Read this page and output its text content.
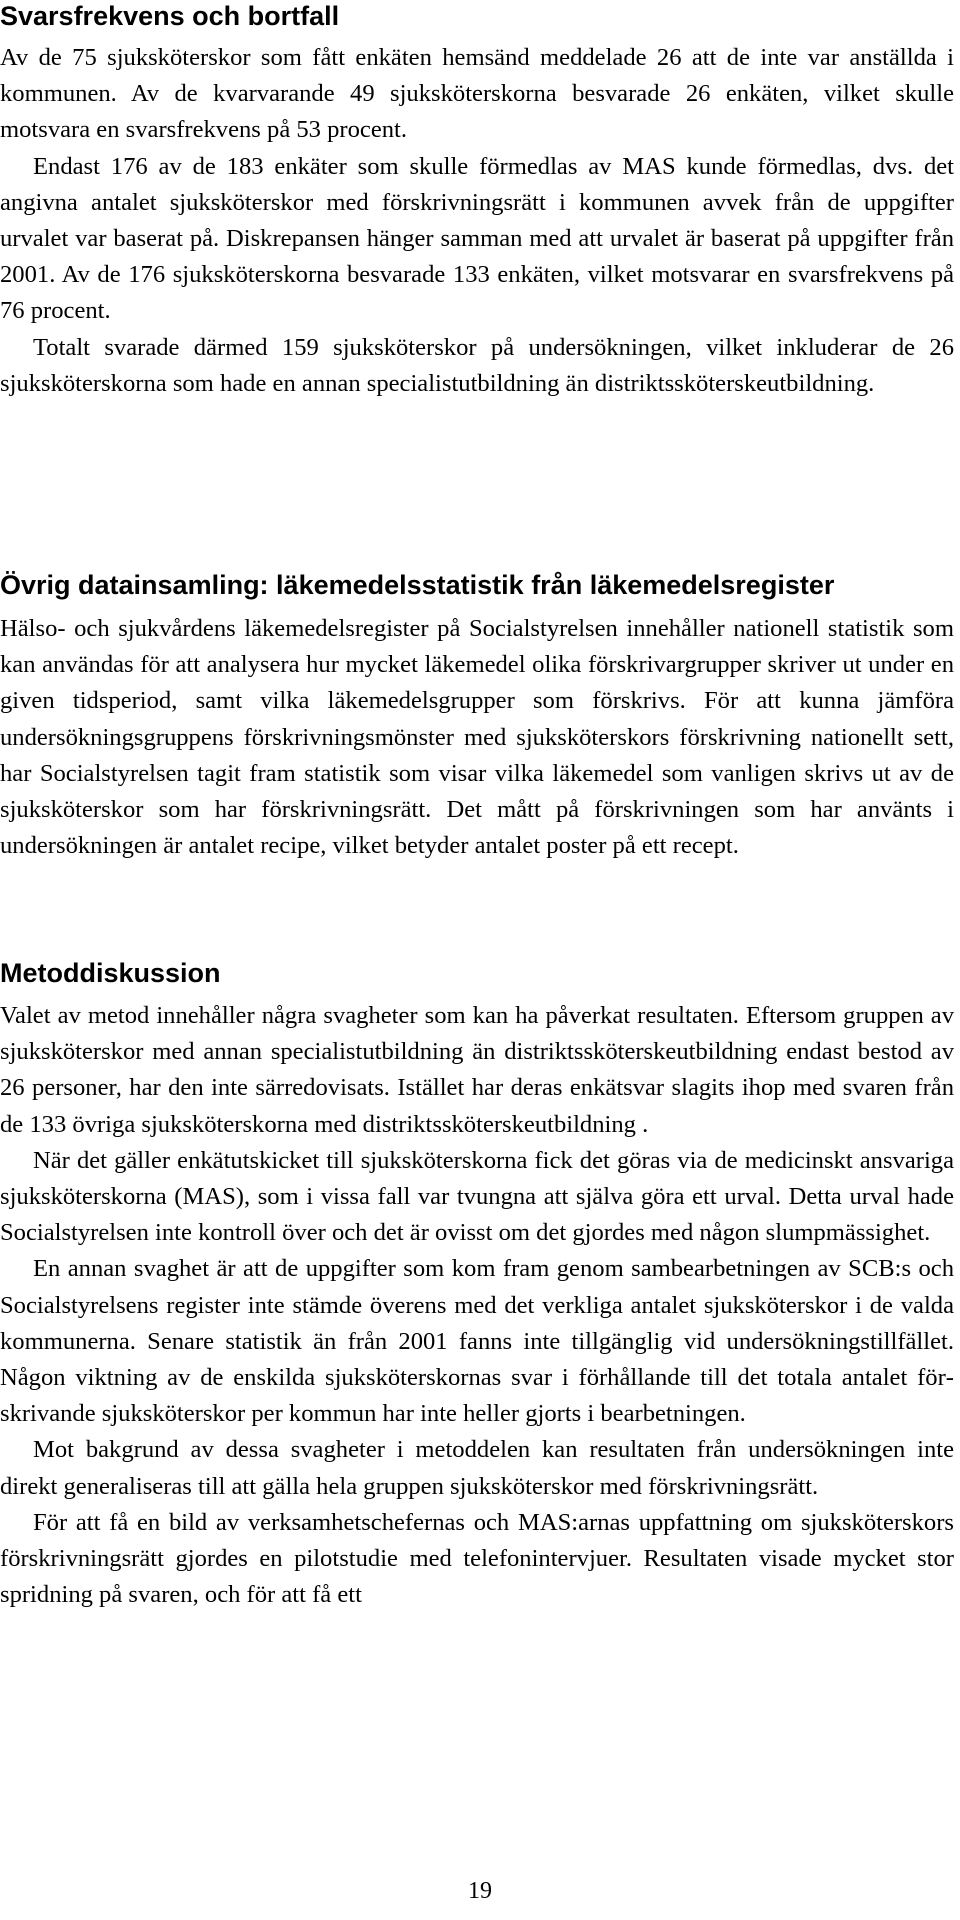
Svarsfrekvens och bortfall

Av de 75 sjuksköterskor som fått enkäten hemsänd meddelade 26 att de inte var anställda i kommunen. Av de kvarvarande 49 sjuksköterskorna besvarade 26 enkäten, vilket skulle motsvara en svarsfrekvens på 53 procent.

Endast 176 av de 183 enkäter som skulle förmedlas av MAS kunde förmedlas, dvs. det angivna antalet sjuksköterskor med förskrivningsrätt i kommunen avvek från de uppgifter urvalet var baserat på. Diskrepansen hänger samman med att urvalet är baserat på uppgifter från 2001. Av de 176 sjuksköterskorna besvarade 133 enkäten, vilket motsvarar en svarsfrekvens på 76 procent.

Totalt svarade därmed 159 sjuksköterskor på undersökningen, vilket inkluderar de 26 sjuksköterskorna som hade en annan specialistutbildning än distriktssköterskeutbildning.

Övrig datainsamling: läkemedelsstatistik från läkemedelsregister

Hälso- och sjukvårdens läkemedelsregister på Socialstyrelsen innehåller nationell statistik som kan användas för att analysera hur mycket läkemedel olika förskrivargrupper skriver ut under en given tidsperiod, samt vilka läkemedelsgrupper som förskrivs. För att kunna jämföra undersökningsgruppens förskrivningsmönster med sjuksköterskors förskrivning nationellt sett, har Socialstyrelsen tagit fram statistik som visar vilka läkemedel som vanligen skrivs ut av de sjuksköterskor som har förskrivningsrätt. Det mått på förskrivningen som har använts i undersökningen är antalet recipe, vilket betyder antalet poster på ett recept.

Metoddiskussion

Valet av metod innehåller några svagheter som kan ha påverkat resultaten. Eftersom gruppen av sjuksköterskor med annan specialistutbildning än distriktssköterskeutbildning endast bestod av 26 personer, har den inte särredovisats. Istället har deras enkätsvar slagits ihop med svaren från de 133 övriga sjuksköterskorna med distriktssköterskeutbildning .

När det gäller enkätutskicket till sjuksköterskorna fick det göras via de medicinskt ansvariga sjuksköterskorna (MAS), som i vissa fall var tvungna att själva göra ett urval. Detta urval hade Socialstyrelsen inte kontroll över och det är ovisst om det gjordes med någon slumpmässighet.

En annan svaghet är att de uppgifter som kom fram genom sambearbetningen av SCB:s och Socialstyrelsens register inte stämde överens med det verkliga antalet sjuksköterskor i de valda kommunerna. Senare statistik än från 2001 fanns inte tillgänglig vid undersökningstillfället. Någon viktning av de enskilda sjuksköterskornas svar i förhållande till det totala antalet förskrivande sjuksköterskor per kommun har inte heller gjorts i bearbetningen.

Mot bakgrund av dessa svagheter i metoddelen kan resultaten från undersökningen inte direkt generaliseras till att gälla hela gruppen sjuksköterskor med förskrivningsrätt.

För att få en bild av verksamhetschefernas och MAS:arnas uppfattning om sjuksköterskors förskrivningsrätt gjordes en pilotstudie med telefonintervjuer. Resultaten visade mycket stor spridning på svaren, och för att få ett

19
